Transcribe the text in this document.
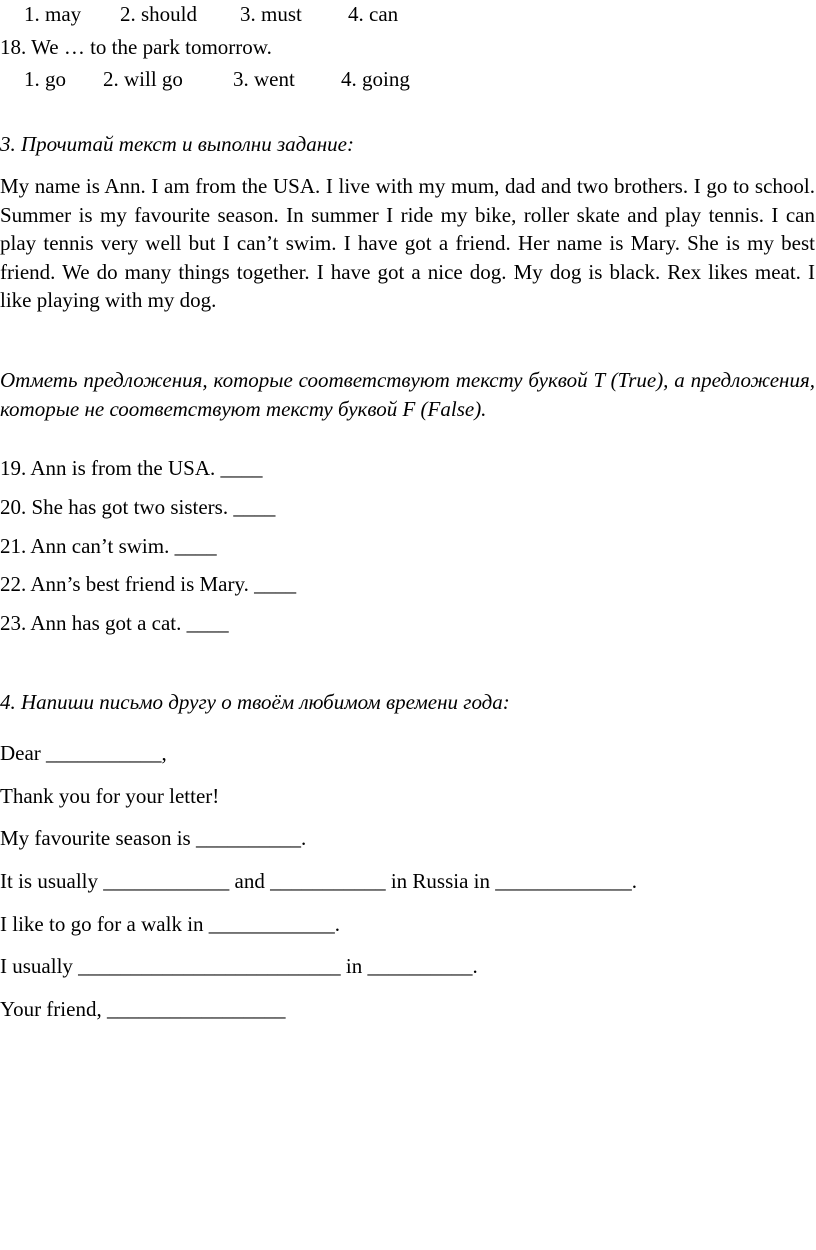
1. may 2. should 3. must 4. can
18. We … to the park tomorrow.
1. go 2. will go 3. went 4. going
3. Прочитай текст и выполни задание:

My name is Ann. I am from the USA. I live with my mum, dad and two brothers. I go to school. Summer is my favourite season. In summer I ride my bike, roller skate and play tennis. I can play tennis very well but I can’t swim. I have got a friend. Her name is Mary. She is my best friend. We do many things together. I have got a nice dog. My dog is black. Rex likes meat. I like playing with my dog.

Отметь предложения, которые соответствуют тексту буквой T (True), а предложения, которые не соответствуют тексту буквой F (False).

19. Ann is from the USA. ____
20. She has got two sisters. ____
21. Ann can’t swim. ____
22. Ann’s best friend is Mary. ____
23. Ann has got a cat. ____
4. Напиши письмо другу о твоём любимом времени года:
Dear ___________,
Thank you for your letter!
My favourite season is __________.
It is usually ____________ and ___________ in Russia in _____________.
I like to go for a walk in ____________.
I usually _________________________ in __________.
Your friend, _________________
